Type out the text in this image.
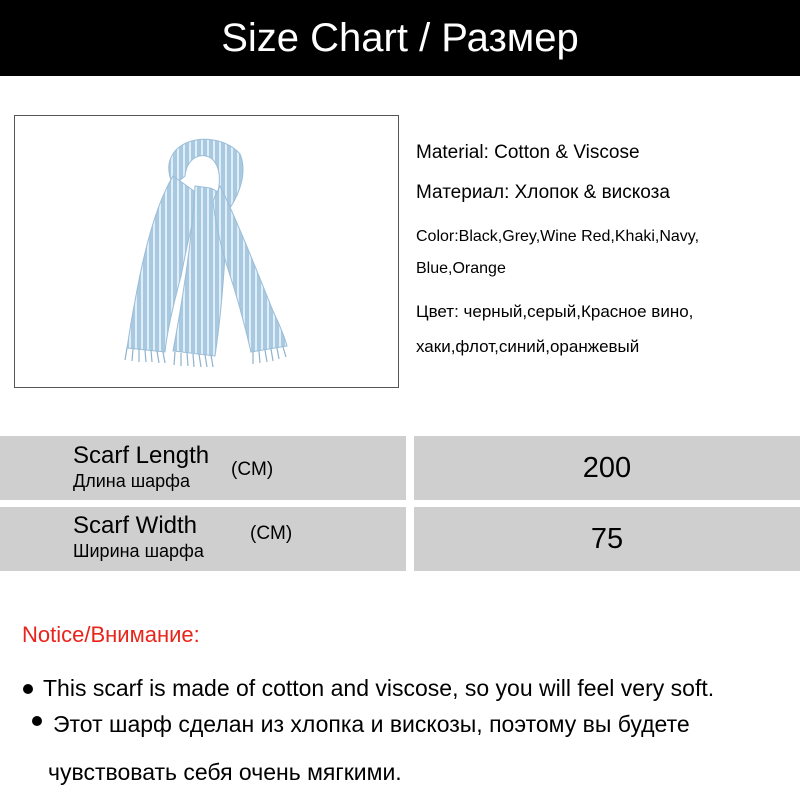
Size Chart / Размер
Material: Cotton & Viscose
Материал: Хлопок & вискоза
Color:Black,Grey,Wine Red,Khaki,Navy,
Blue,Orange
Цвет: черный,серый,Красное вино,
хаки,флот,синий,оранжевый
Scarf Length
Длина шарфа
(CM)	200
Scarf Width
Ширина шарфа
(CM)	75
Notice/Внимание:
This scarf is made of cotton and viscose, so you will feel very soft.
Этот шарф сделан из хлопка и вискозы, поэтому вы будете
чувствовать себя очень мягкими.
